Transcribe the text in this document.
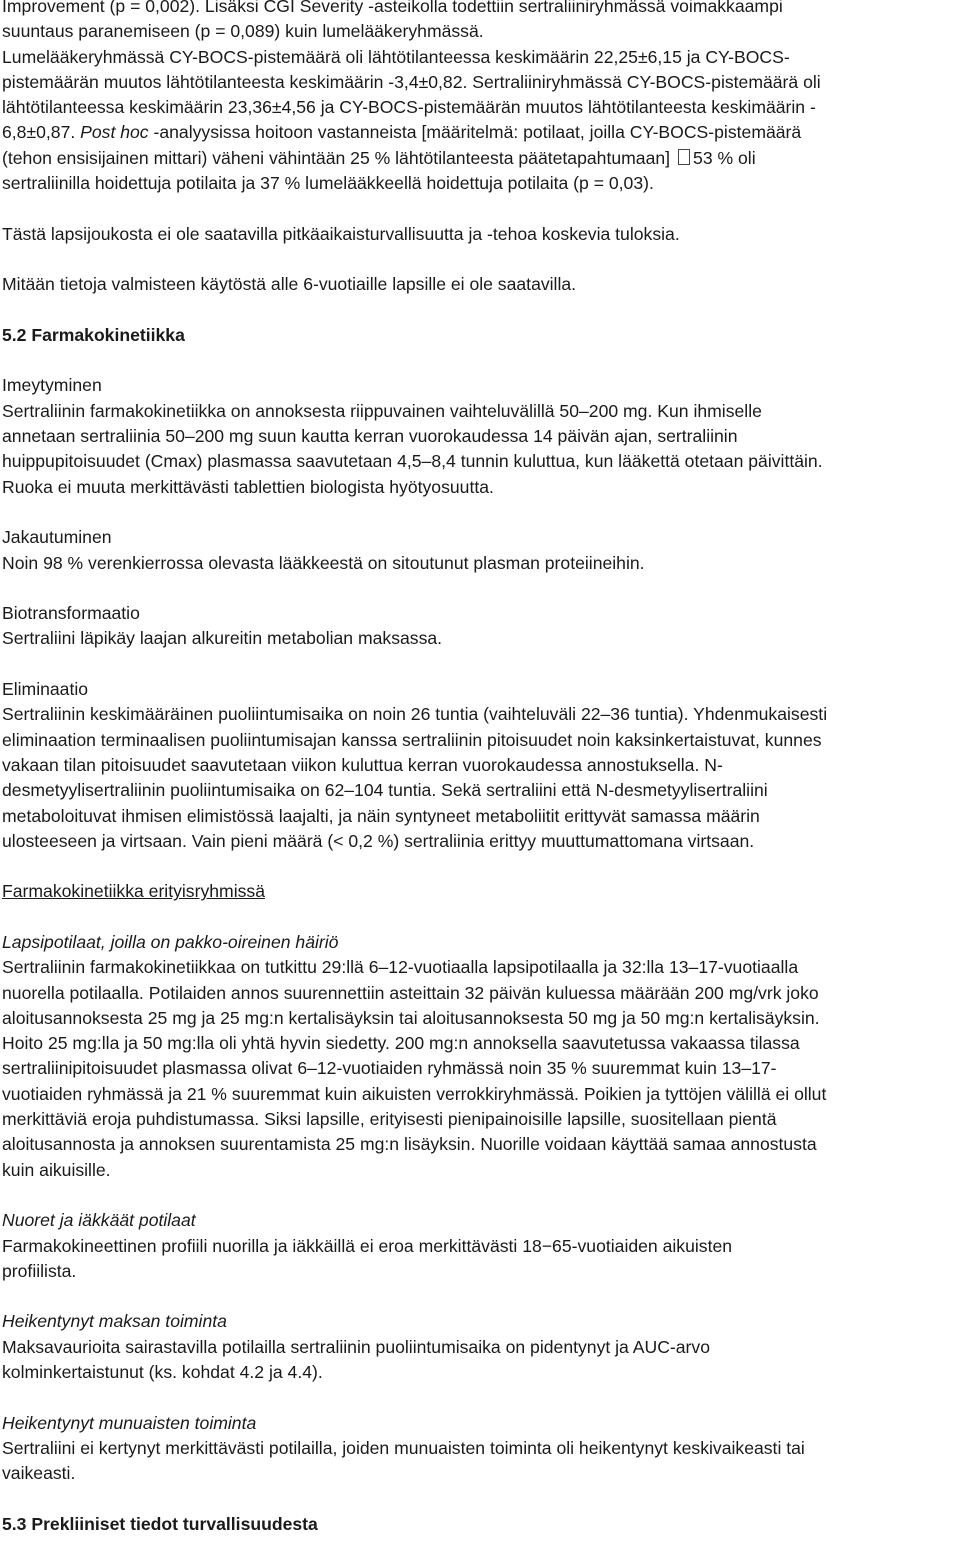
Improvement (p = 0,002). Lisäksi CGI Severity -asteikolla todettiin sertraliiniryhmässä voimakkaampi
suuntaus paranemiseen (p = 0,089) kuin lumelääkeryhmässä.
Lumelääkeryhmässä CY-BOCS-pistemäärä oli lähtötilanteessa keskimäärin 22,25±6,15 ja CY-BOCS-
pistemäärän muutos lähtötilanteesta keskimäärin -3,4±0,82. Sertraliiniryhmässä CY-BOCS-pistemäärä oli
lähtötilanteessa keskimäärin 23,36±4,56 ja CY-BOCS-pistemäärän muutos lähtötilanteesta keskimäärin -
6,8±0,87. Post hoc -analyysissa hoitoon vastanneista [määritelmä: potilaat, joilla CY-BOCS-pistemäärä
(tehon ensisijainen mittari) väheni vähintään 25 % lähtötilanteesta päätetapahtumaan] 53 % oli
sertraliinilla hoidettuja potilaita ja 37 % lumelääkkeellä hoidettuja potilaita (p = 0,03).

Tästä lapsijoukosta ei ole saatavilla pitkäaikaisturvallisuutta ja -tehoa koskevia tuloksia.

Mitään tietoja valmisteen käytöstä alle 6-vuotiaille lapsille ei ole saatavilla.

5.2 Farmakokinetiikka

Imeytyminen
Sertraliinin farmakokinetiikka on annoksesta riippuvainen vaihteluvälillä 50–200 mg. Kun ihmiselle
annetaan sertraliinia 50–200 mg suun kautta kerran vuorokaudessa 14 päivän ajan, sertraliinin
huippupitoisuudet (Cmax) plasmassa saavutetaan 4,5–8,4 tunnin kuluttua, kun lääkettä otetaan päivittäin.
Ruoka ei muuta merkittävästi tablettien biologista hyötyosuutta.

Jakautuminen
Noin 98 % verenkierrossa olevasta lääkkeestä on sitoutunut plasman proteiineihin.

Biotransformaatio
Sertraliini läpikäy laajan alkureitin metabolian maksassa.

Eliminaatio
Sertraliinin keskimääräinen puoliintumisaika on noin 26 tuntia (vaihteluväli 22–36 tuntia). Yhdenmukaisesti
eliminaation terminaalisen puoliintumisajan kanssa sertraliinin pitoisuudet noin kaksinkertaistuvat, kunnes
vakaan tilan pitoisuudet saavutetaan viikon kuluttua kerran vuorokaudessa annostuksella. N-
desmetyylisertraliinin puoliintumisaika on 62–104 tuntia. Sekä sertraliini että N-desmetyylisertraliini
metaboloituvat ihmisen elimistössä laajalti, ja näin syntyneet metaboliitit erittyvät samassa määrin
ulosteeseen ja virtsaan. Vain pieni määrä (< 0,2 %) sertraliinia erittyy muuttumattomana virtsaan.

Farmakokinetiikka erityisryhmissä

Lapsipotilaat, joilla on pakko-oireinen häiriö
Sertraliinin farmakokinetiikkaa on tutkittu 29:llä 6–12-vuotiaalla lapsipotilaalla ja 32:lla 13–17-vuotiaalla
nuorella potilaalla. Potilaiden annos suurennettiin asteittain 32 päivän kuluessa määrään 200 mg/vrk joko
aloitusannoksesta 25 mg ja 25 mg:n kertalisäyksin tai aloitusannoksesta 50 mg ja 50 mg:n kertalisäyksin.
Hoito 25 mg:lla ja 50 mg:lla oli yhtä hyvin siedetty. 200 mg:n annoksella saavutetussa vakaassa tilassa
sertraliinipitoisuudet plasmassa olivat 6–12-vuotiaiden ryhmässä noin 35 % suuremmat kuin 13–17-
vuotiaiden ryhmässä ja 21 % suuremmat kuin aikuisten verrokkiryhmässä. Poikien ja tyttöjen välillä ei ollut
merkittäviä eroja puhdistumassa. Siksi lapsille, erityisesti pienipainoisille lapsille, suositellaan pientä
aloitusannosta ja annoksen suurentamista 25 mg:n lisäyksin. Nuorille voidaan käyttää samaa annostusta
kuin aikuisille.

Nuoret ja iäkkäät potilaat
Farmakokineettinen profiili nuorilla ja iäkkäillä ei eroa merkittävästi 18−65-vuotiaiden aikuisten
profiilista.

Heikentynyt maksan toiminta
Maksavaurioita sairastavilla potilailla sertraliinin puoliintumisaika on pidentynyt ja AUC-arvo
kolminkertaistunut (ks. kohdat 4.2 ja 4.4).

Heikentynyt munuaisten toiminta
Sertraliini ei kertynyt merkittävästi potilailla, joiden munuaisten toiminta oli heikentynyt keskivaikeasti tai
vaikeasti.

5.3 Prekliiniset tiedot turvallisuudesta
